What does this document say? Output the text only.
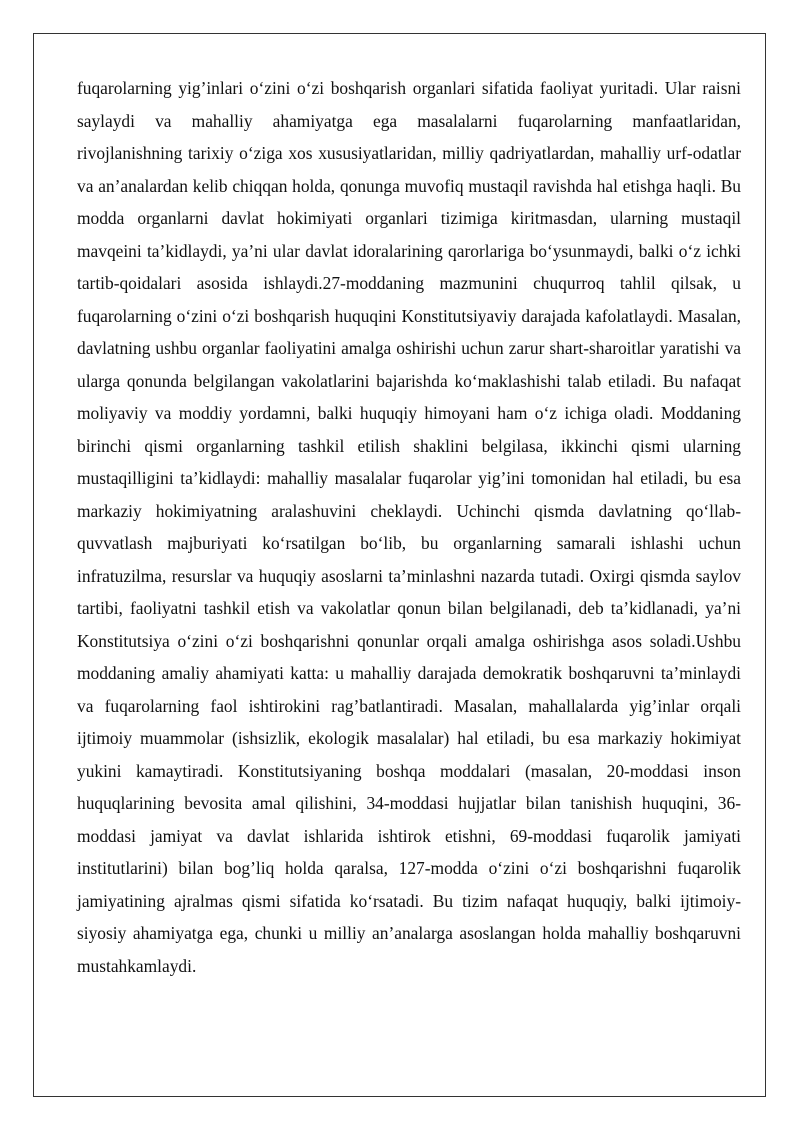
fuqarolarning yig’inlari o‘zini o‘zi boshqarish organlari sifatida faoliyat yuritadi. Ular raisni saylaydi va mahalliy ahamiyatga ega masalalarni fuqarolarning manfaatlaridan, rivojlanishning tarixiy o‘ziga xos xususiyatlaridan, milliy qadriyatlardan, mahalliy urf-odatlar va an’analardan kelib chiqqan holda, qonunga muvofiq mustaqil ravishda hal etishga haqli. Bu modda organlarni davlat hokimiyati organlari tizimiga kiritmasdan, ularning mustaqil mavqeini ta’kidlaydi, ya’ni ular davlat idoralarining qarorlariga bo‘ysunmaydi, balki o‘z ichki tartib-qoidalari asosida ishlaydi.27-moddaning mazmunini chuqurroq tahlil qilsak, u fuqarolarning o‘zini o‘zi boshqarish huquqini Konstitutsiyaviy darajada kafolatlaydi. Masalan, davlatning ushbu organlar faoliyatini amalga oshirishi uchun zarur shart-sharoitlar yaratishi va ularga qonunda belgilangan vakolatlarini bajarishda ko‘maklashishi talab etiladi. Bu nafaqat moliyaviy va moddiy yordamni, balki huquqiy himoyani ham o‘z ichiga oladi. Moddaning birinchi qismi organlarning tashkil etilish shaklini belgilasa, ikkinchi qismi ularning mustaqilligini ta’kidlaydi: mahalliy masalalar fuqarolar yig’ini tomonidan hal etiladi, bu esa markaziy hokimiyatning aralashuvini cheklaydi. Uchinchi qismda davlatning qo‘llab-quvvatlash majburiyati ko‘rsatilgan bo‘lib, bu organlarning samarali ishlashi uchun infratuzilma, resurslar va huquqiy asoslarni ta’minlashni nazarda tutadi. Oxirgi qismda saylov tartibi, faoliyatni tashkil etish va vakolatlar qonun bilan belgilanadi, deb ta’kidlanadi, ya’ni Konstitutsiya o‘zini o‘zi boshqarishni qonunlar orqali amalga oshirishga asos soladi.Ushbu moddaning amaliy ahamiyati katta: u mahalliy darajada demokratik boshqaruvni ta’minlaydi va fuqarolarning faol ishtirokini rag’batlantiradi. Masalan, mahallalarda yig’inlar orqali ijtimoiy muammolar (ishsizlik, ekologik masalalar) hal etiladi, bu esa markaziy hokimiyat yukini kamaytiradi. Konstitutsiyaning boshqa moddalari (masalan, 20-moddasi inson huquqlarining bevosita amal qilishini, 34-moddasi hujjatlar bilan tanishish huquqini, 36-moddasi jamiyat va davlat ishlarida ishtirok etishni, 69-moddasi fuqarolik jamiyati institutlarini) bilan bog’liq holda qaralsa, 127-modda o‘zini o‘zi boshqarishni fuqarolik jamiyatining ajralmas qismi sifatida ko‘rsatadi. Bu tizim nafaqat huquqiy, balki ijtimoiy-siyosiy ahamiyatga ega, chunki u milliy an’analarga asoslangan holda mahalliy boshqaruvni mustahkamlaydi.
